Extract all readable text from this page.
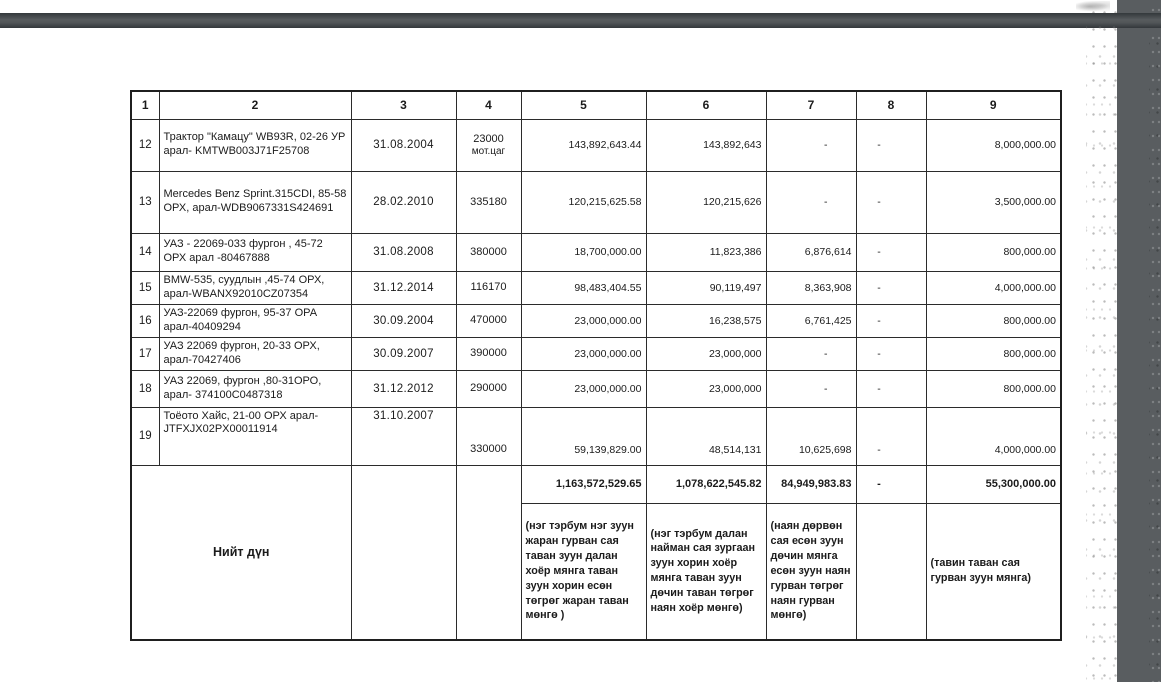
1	2	3	4	5	6	7	8	9
12	Трактор "Камацу" WB93R, 02-26 УР арал- KMTWB003J71F25708	31.08.2004	23000
мот.цаг	143,892,643.44	143,892,643	-	-	8,000,000.00
13	Mercedes Benz Sprint.315CDI, 85-58 ОРХ, арал-WDB9067331S424691	28.02.2010	335180	120,215,625.58	120,215,626	-	-	3,500,000.00
14	УАЗ - 22069-033 фургон , 45-72 ОРХ арал -80467888	31.08.2008	380000	18,700,000.00	11,823,386	6,876,614	-	800,000.00
15	BMW-535, суудлын ,45-74 ОРХ, арал-WBANX92010CZ07354	31.12.2014	116170	98,483,404.55	90,119,497	8,363,908	-	4,000,000.00
16	УАЗ-22069 фургон, 95-37 ОРА арал-40409294	30.09.2004	470000	23,000,000.00	16,238,575	6,761,425	-	800,000.00
17	УАЗ 22069 фургон, 20-33 ОРХ, арал-70427406	30.09.2007	390000	23,000,000.00	23,000,000	-	-	800,000.00
18	УАЗ 22069, фургон ,80-31ОРО, арал- 374100C0487318	31.12.2012	290000	23,000,000.00	23,000,000	-	-	800,000.00
19	Тоёото Хайс, 21-00 ОРХ арал- JTFXJX02PX00011914	31.10.2007	330000	59,139,829.00	48,514,131	10,625,698	-	4,000,000.00
Нийт дүн				1,163,572,529.65	1,078,622,545.82	84,949,983.83	-	55,300,000.00
				(нэг тэрбум нэг зуун жаран гурван сая таван зуун далан хоёр мянга таван зуун хорин есөн төгрөг жаран таван мөнгө )	(нэг тэрбум далан найман сая зургаан зуун хорин хоёр мянга таван зуун дөчин таван төгрөг наян хоёр мөнгө)	(наян дөрвөн сая есөн зуун дөчин мянга есөн зуун наян гурван төгрөг наян гурван мөнгө)		(тавин таван сая гурван зуун мянга)
